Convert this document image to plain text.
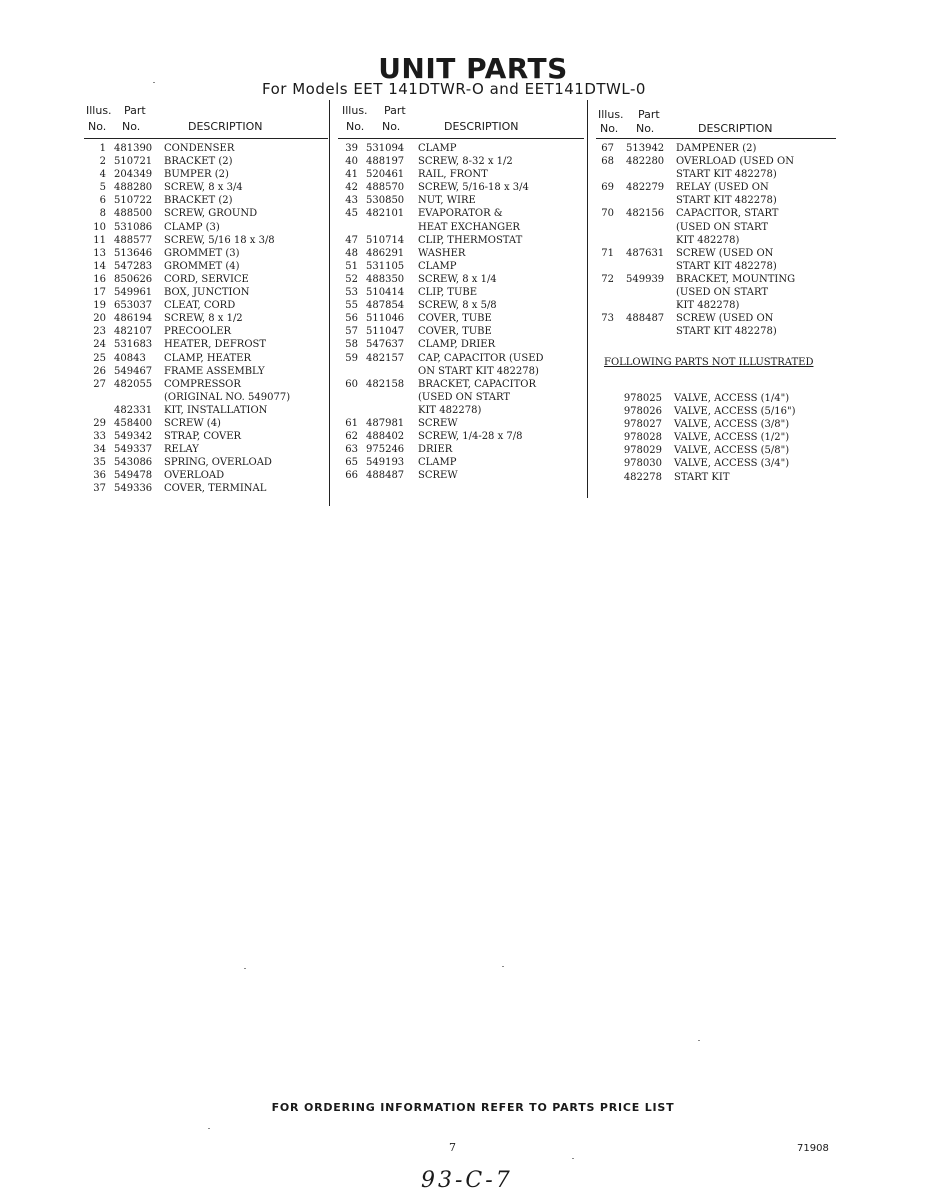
UNIT PARTS
For Models EET 141DTWR-O and EET141DTWL-0
Illus. Part
No. No.	DESCRIPTION
1 481390 CONDENSER
2 510721 BRACKET (2)
4 204349 BUMPER (2)
5 488280 SCREW, 8 x 3/4
6 510722 BRACKET (2)
8 488500 SCREW, GROUND
10 531086 CLAMP (3)
11 488577 SCREW, 5/16 18 x 3/8
13 513646 GROMMET (3)
14 547283 GROMMET (4)
16 850626 CORD, SERVICE
17 549961 BOX, JUNCTION
19 653037 CLEAT, CORD
20 486194 SCREW, 8 x 1/2
23 482107 PRECOOLER
24 531683 HEATER, DEFROST
25 40843 CLAMP, HEATER
26 549467 FRAME ASSEMBLY
27 482055 COMPRESSOR
(ORIGINAL NO. 549077)
482331 KIT, INSTALLATION
29 458400 SCREW (4)
33 549342 STRAP, COVER
34 549337 RELAY
35 543086 SPRING, OVERLOAD
36 549478 OVERLOAD
37 549336 COVER, TERMINAL
Illus. Part
No. No.	DESCRIPTION
39 531094 CLAMP
40 488197 SCREW, 8-32 x 1/2
41 520461 RAIL, FRONT
42 488570 SCREW, 5/16-18 x 3/4
43 530850 NUT, WIRE
45 482101 EVAPORATOR &
HEAT EXCHANGER
47 510714 CLIP, THERMOSTAT
48 486291 WASHER
51 531105 CLAMP
52 488350 SCREW, 8 x 1/4
53 510414 CLIP, TUBE
55 487854 SCREW, 8 x 5/8
56 511046 COVER, TUBE
57 511047 COVER, TUBE
58 547637 CLAMP, DRIER
59 482157 CAP, CAPACITOR (USED
ON START KIT 482278)
60 482158 BRACKET, CAPACITOR
(USED ON START
KIT 482278)
61 487981 SCREW
62 488402 SCREW, 1/4-28 x 7/8
63 975246 DRIER
65 549193 CLAMP
66 488487 SCREW
Illus. Part
No. No.	DESCRIPTION
67 513942 DAMPENER (2)
68 482280 OVERLOAD (USED ON
START KIT 482278)
69 482279 RELAY (USED ON
START KIT 482278)
70 482156 CAPACITOR, START
(USED ON START
KIT 482278)
71 487631 SCREW (USED ON
START KIT 482278)
72 549939 BRACKET, MOUNTING
(USED ON START
KIT 482278)
73 488487 SCREW (USED ON
START KIT 482278)
FOLLOWING PARTS NOT ILLUSTRATED
978025 VALVE, ACCESS (1/4")
978026 VALVE, ACCESS (5/16")
978027 VALVE, ACCESS (3/8")
978028 VALVE, ACCESS (1/2")
978029 VALVE, ACCESS (5/8")
978030 VALVE, ACCESS (3/4")
482278 START KIT
FOR ORDERING INFORMATION REFER TO PARTS PRICE LIST
7	71908
93-C-7
